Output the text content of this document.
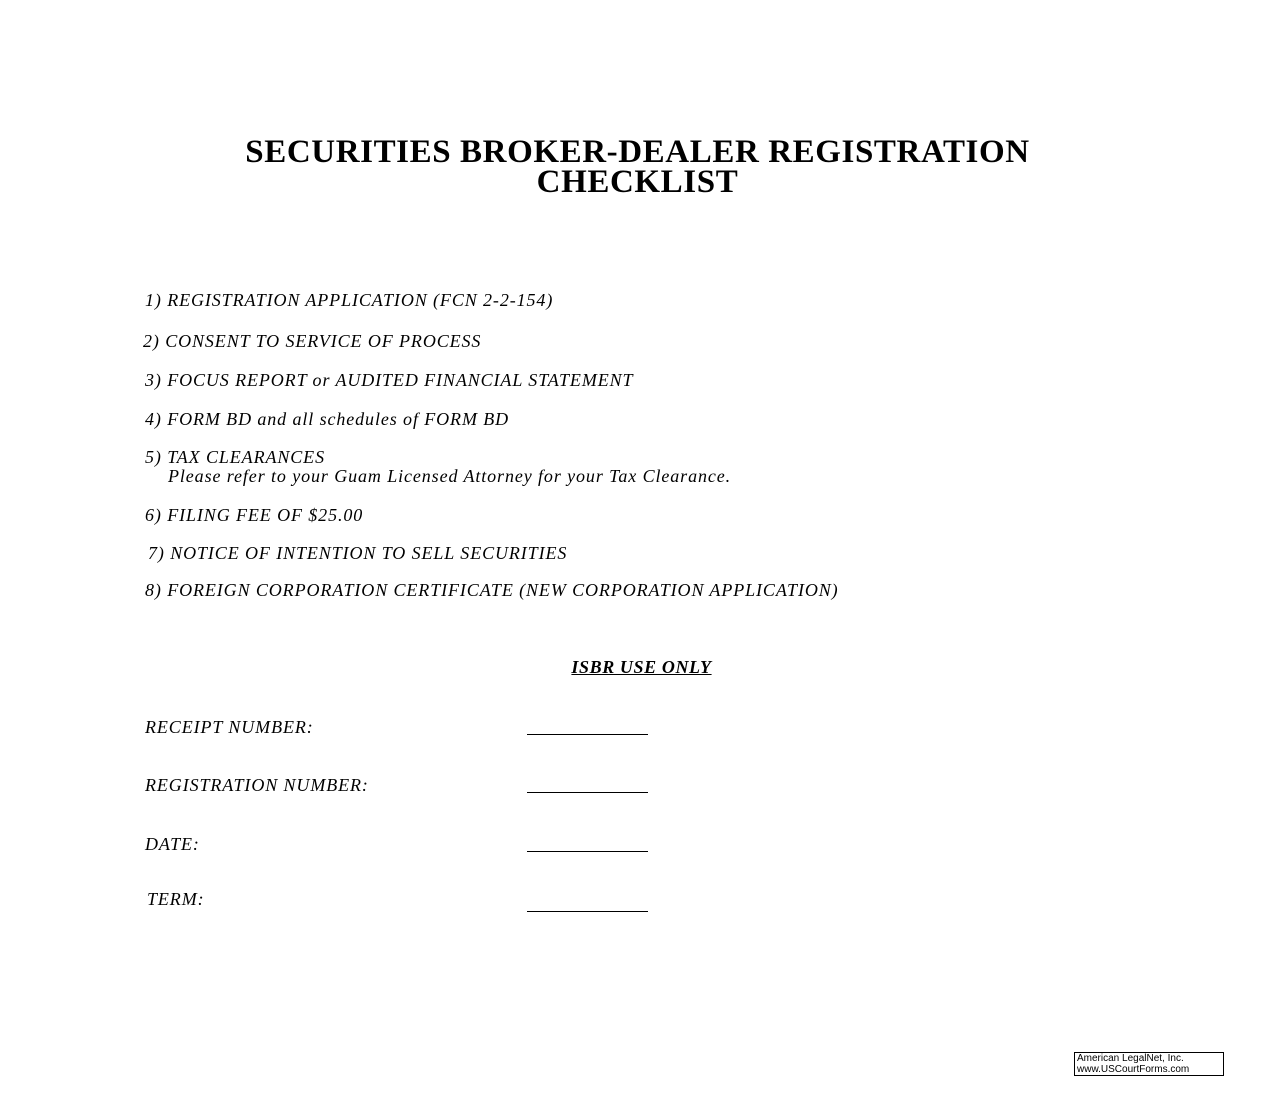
SECURITIES BROKER-DEALER REGISTRATION
CHECKLIST
1) REGISTRATION APPLICATION (FCN 2-2-154)
2) CONSENT TO SERVICE OF PROCESS
3) FOCUS REPORT or AUDITED FINANCIAL STATEMENT
4) FORM BD and all schedules of FORM BD
5) TAX CLEARANCES
Please refer to your Guam Licensed Attorney for your Tax Clearance.
6) FILING FEE OF $25.00
7) NOTICE OF INTENTION TO SELL SECURITIES
8) FOREIGN CORPORATION CERTIFICATE (NEW CORPORATION APPLICATION)
ISBR USE ONLY
RECEIPT NUMBER:
REGISTRATION NUMBER:
DATE:
TERM:
American LegalNet, Inc.
www.USCourtForms.com
